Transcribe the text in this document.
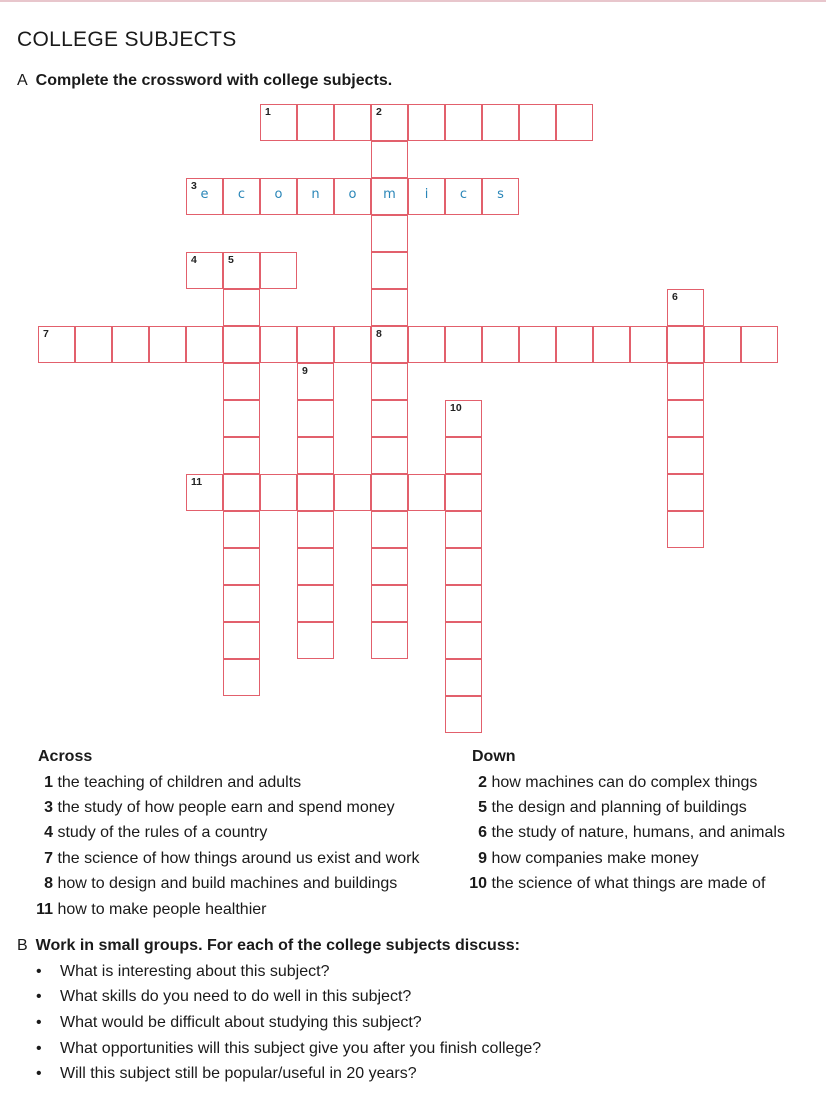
COLLEGE SUBJECTS
A Complete the crossword with college subjects.
1	2
m
8
3
e	c	o	n	o	i	c	s
4	5
6
7
9
10
11
Across	Down
1 the teaching of children and adults
3 the study of how people earn and spend money
4 study of the rules of a country
7 the science of how things around us exist and work
8 how to design and build machines and buildings
11 how to make people healthier
2 how machines can do complex things
5 the design and planning of buildings
6 the study of nature, humans, and animals
9 how companies make money
10 the science of what things are made of
B Work in small groups. For each of the college subjects discuss:
• What is interesting about this subject?
• What skills do you need to do well in this subject?
• What would be difficult about studying this subject?
• What opportunities will this subject give you after you finish college?
• Will this subject still be popular/useful in 20 years?
